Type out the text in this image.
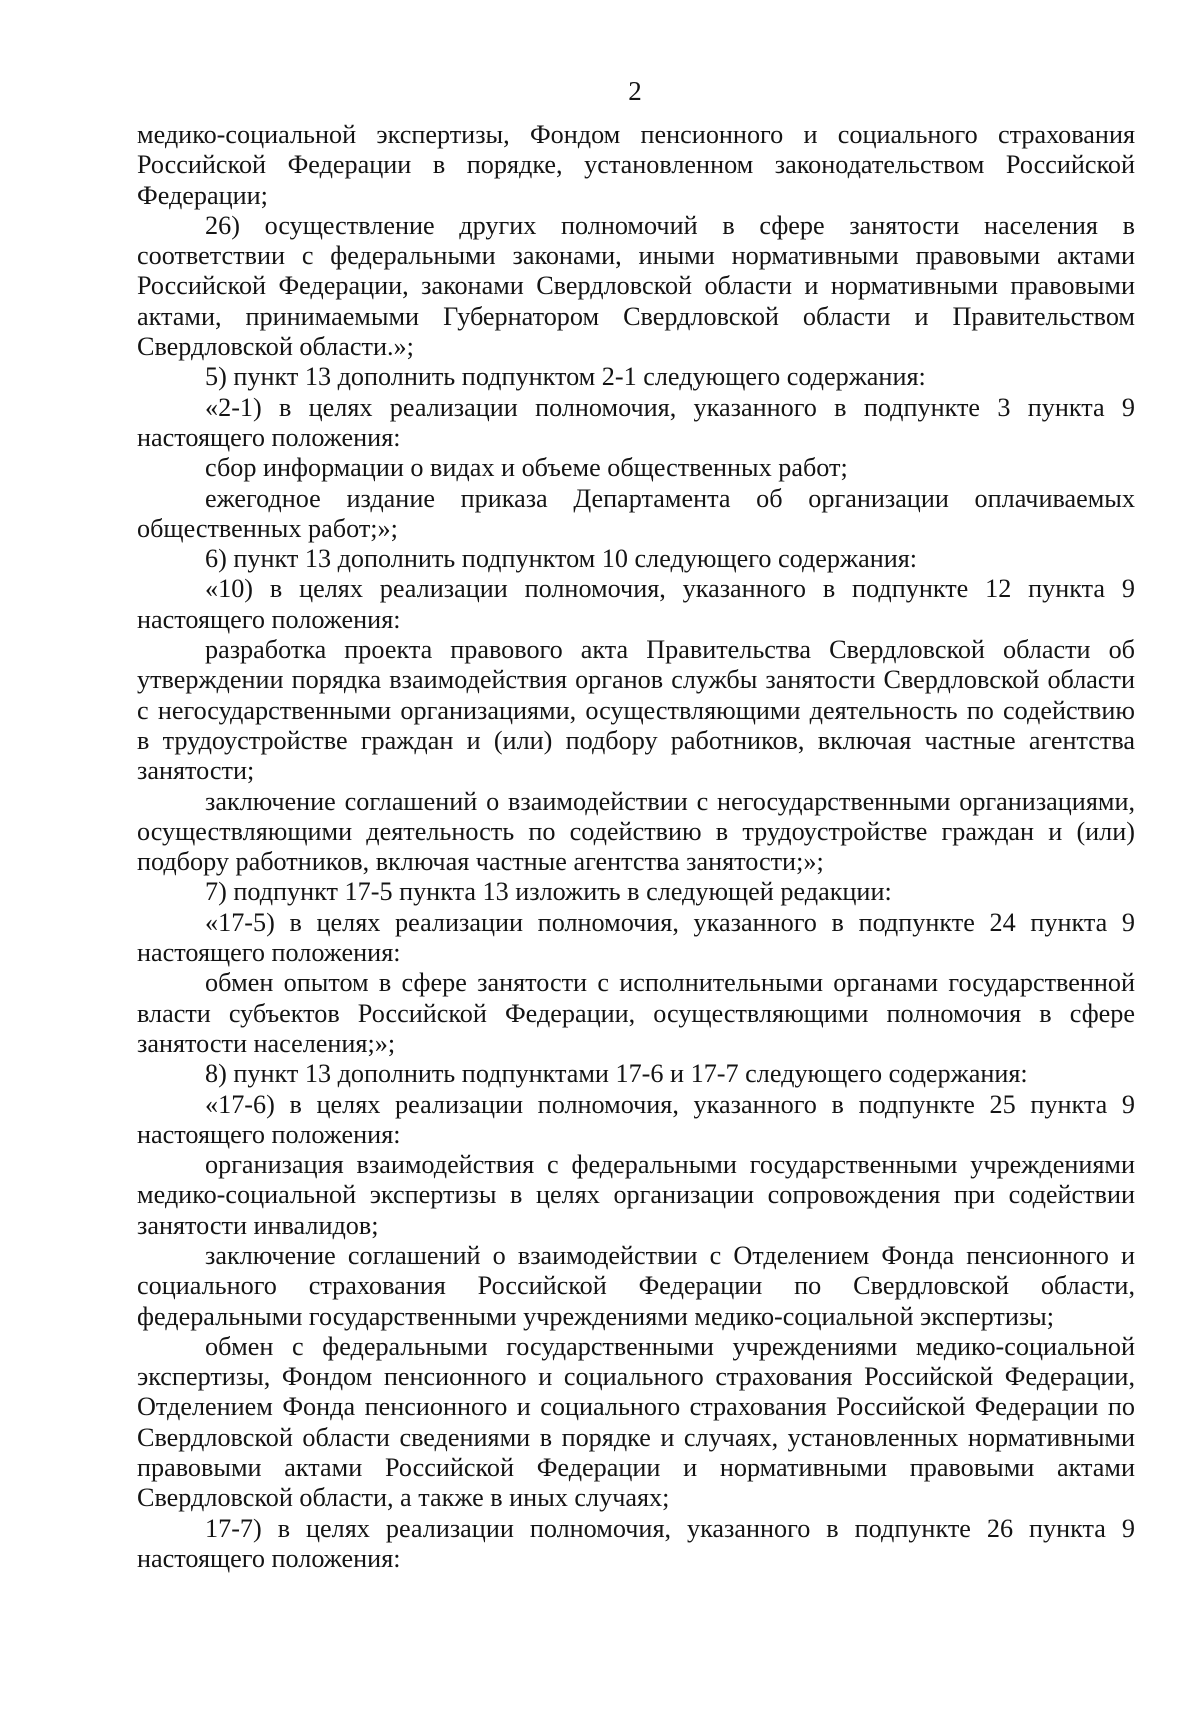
2

медико-социальной экспертизы, Фондом пенсионного и социального страхования Российской Федерации в порядке, установленном законодательством Российской Федерации;

26) осуществление других полномочий в сфере занятости населения в соответствии с федеральными законами, иными нормативными правовыми актами Российской Федерации, законами Свердловской области и нормативными правовыми актами, принимаемыми Губернатором Свердловской области и Правительством Свердловской области.»;

5) пункт 13 дополнить подпунктом 2-1 следующего содержания:

«2-1) в целях реализации полномочия, указанного в подпункте 3 пункта 9 настоящего положения:

сбор информации о видах и объеме общественных работ;

ежегодное издание приказа Департамента об организации оплачиваемых общественных работ;»;

6) пункт 13 дополнить подпунктом 10 следующего содержания:

«10) в целях реализации полномочия, указанного в подпункте 12 пункта 9 настоящего положения:

разработка проекта правового акта Правительства Свердловской области об утверждении порядка взаимодействия органов службы занятости Свердловской области с негосударственными организациями, осуществляющими деятельность по содействию в трудоустройстве граждан и (или) подбору работников, включая частные агентства занятости;

заключение соглашений о взаимодействии с негосударственными организациями, осуществляющими деятельность по содействию в трудоустройстве граждан и (или) подбору работников, включая частные агентства занятости;»;

7) подпункт 17-5 пункта 13 изложить в следующей редакции:

«17-5) в целях реализации полномочия, указанного в подпункте 24 пункта 9 настоящего положения:

обмен опытом в сфере занятости с исполнительными органами государственной власти субъектов Российской Федерации, осуществляющими полномочия в сфере занятости населения;»;

8) пункт 13 дополнить подпунктами 17-6 и 17-7 следующего содержания:

«17-6) в целях реализации полномочия, указанного в подпункте 25 пункта 9 настоящего положения:

организация взаимодействия с федеральными государственными учреждениями медико-социальной экспертизы в целях организации сопровождения при содействии занятости инвалидов;

заключение соглашений о взаимодействии с Отделением Фонда пенсионного и социального страхования Российской Федерации по Свердловской области, федеральными государственными учреждениями медико-социальной экспертизы;

обмен с федеральными государственными учреждениями медико-социальной экспертизы, Фондом пенсионного и социального страхования Российской Федерации, Отделением Фонда пенсионного и социального страхования Российской Федерации по Свердловской области сведениями в порядке и случаях, установленных нормативными правовыми актами Российской Федерации и нормативными правовыми актами Свердловской области, а также в иных случаях;

17-7) в целях реализации полномочия, указанного в подпункте 26 пункта 9 настоящего положения:
